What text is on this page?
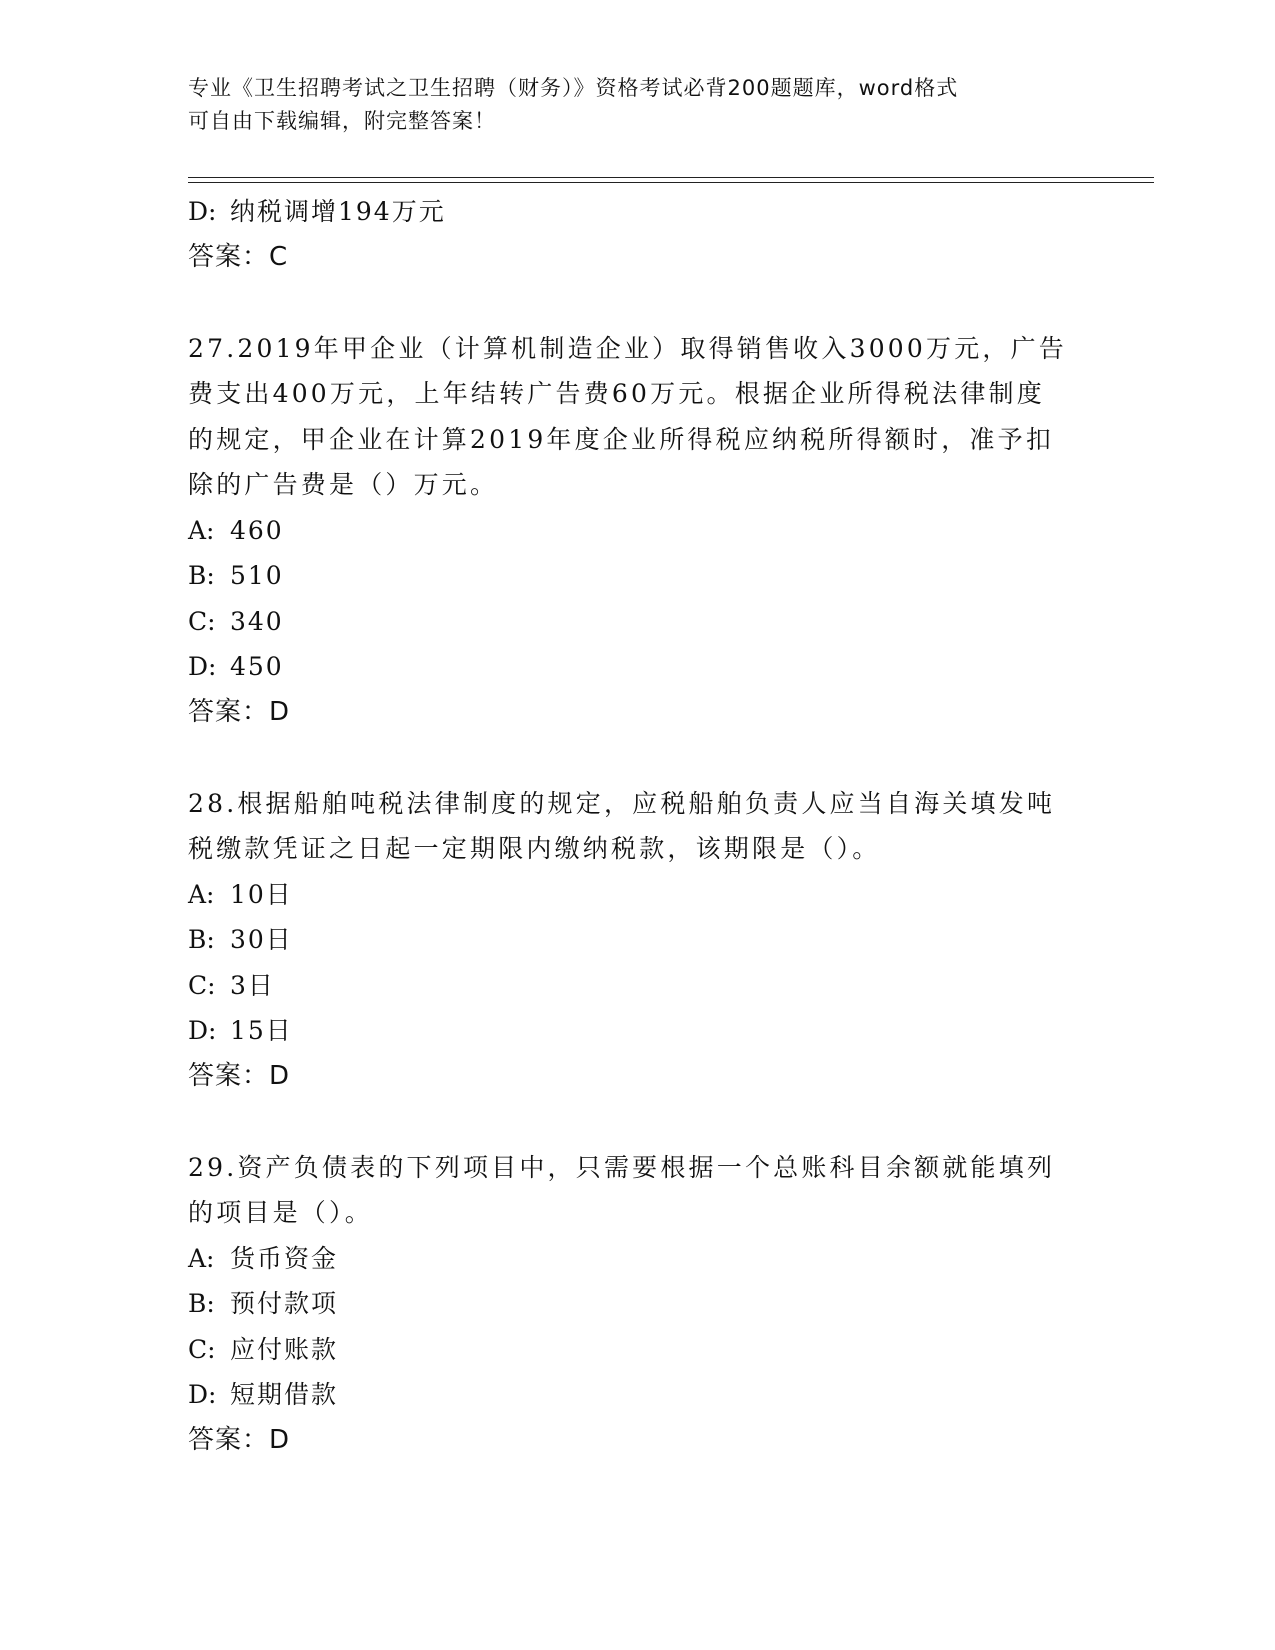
专业《卫生招聘考试之卫生招聘（财务）》资格考试必背200题题库，word格式
可自由下载编辑，附完整答案！
D: 纳税调增194万元
答案：C
27.2019年甲企业（计算机制造企业）取得销售收入3000万元，广告
费支出400万元，上年结转广告费60万元。根据企业所得税法律制度
的规定，甲企业在计算2019年度企业所得税应纳税所得额时，准予扣
除的广告费是（）万元。
A: 460
B: 510
C: 340
D: 450
答案：D
28.根据船舶吨税法律制度的规定，应税船舶负责人应当自海关填发吨
税缴款凭证之日起一定期限内缴纳税款，该期限是（）。
A: 10日
B: 30日
C: 3日
D: 15日
答案：D
29.资产负债表的下列项目中，只需要根据一个总账科目余额就能填列
的项目是（）。
A: 货币资金
B: 预付款项
C: 应付账款
D: 短期借款
答案：D
